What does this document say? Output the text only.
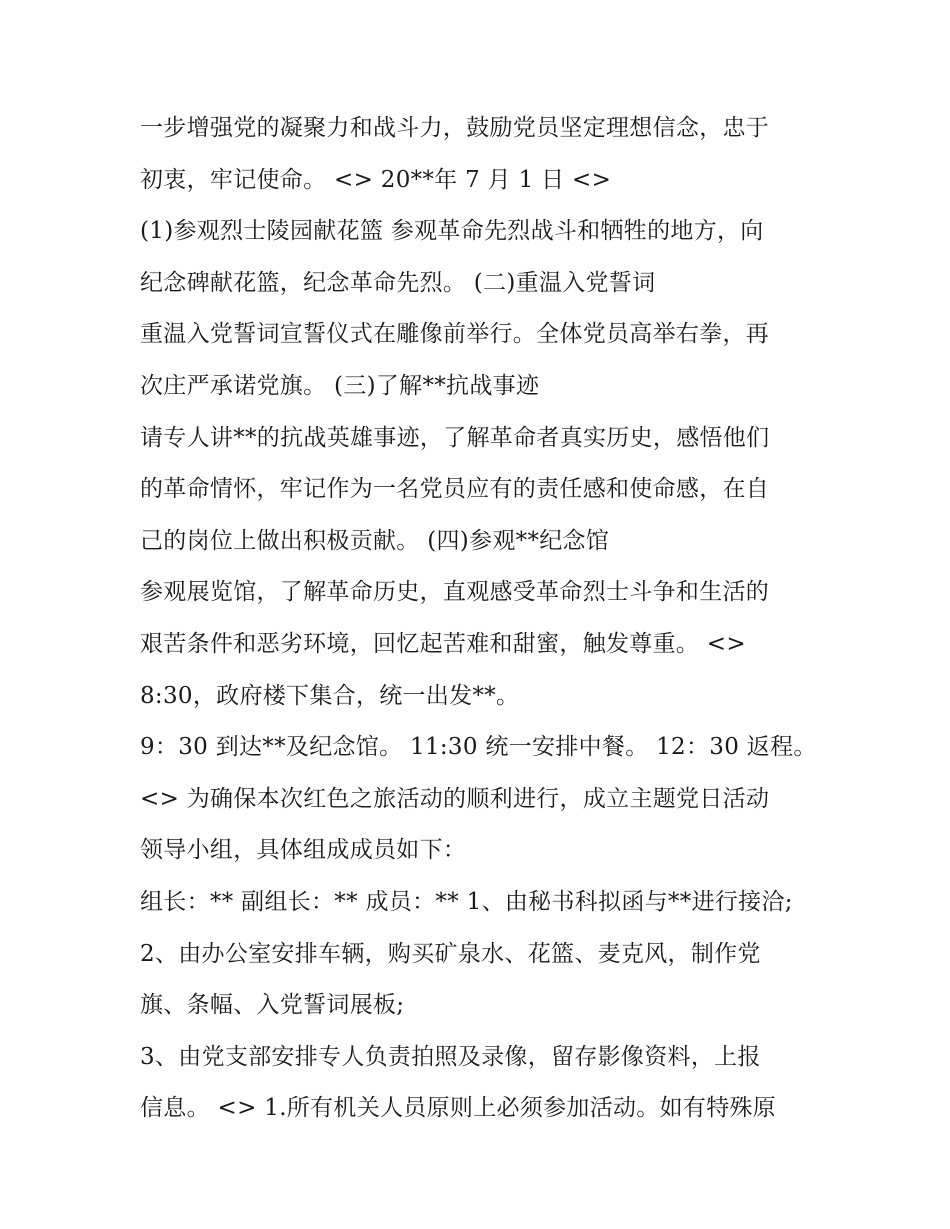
一步增强党的凝聚力和战斗力，鼓励党员坚定理想信念，忠于
初衷，牢记使命。 <> 20**年 7 月 1 日 <>
(1)参观烈士陵园献花篮 参观革命先烈战斗和牺牲的地方，向
纪念碑献花篮，纪念革命先烈。 (二)重温入党誓词
重温入党誓词宣誓仪式在雕像前举行。全体党员高举右拳，再
次庄严承诺党旗。 (三)了解**抗战事迹
请专人讲**的抗战英雄事迹，了解革命者真实历史，感悟他们
的革命情怀，牢记作为一名党员应有的责任感和使命感，在自
己的岗位上做出积极贡献。 (四)参观**纪念馆
参观展览馆，了解革命历史，直观感受革命烈士斗争和生活的
艰苦条件和恶劣环境，回忆起苦难和甜蜜，触发尊重。 <>
8:30，政府楼下集合，统一出发**。
9：30 到达**及纪念馆。 11:30 统一安排中餐。 12：30 返程。
<> 为确保本次红色之旅活动的顺利进行，成立主题党日活动
领导小组，具体组成成员如下：
组长：** 副组长：** 成员：** 1、由秘书科拟函与**进行接洽;
2、由办公室安排车辆，购买矿泉水、花篮、麦克风，制作党
旗、条幅、入党誓词展板;
3、由党支部安排专人负责拍照及录像，留存影像资料，上报
信息。 <> 1.所有机关人员原则上必须参加活动。如有特殊原
